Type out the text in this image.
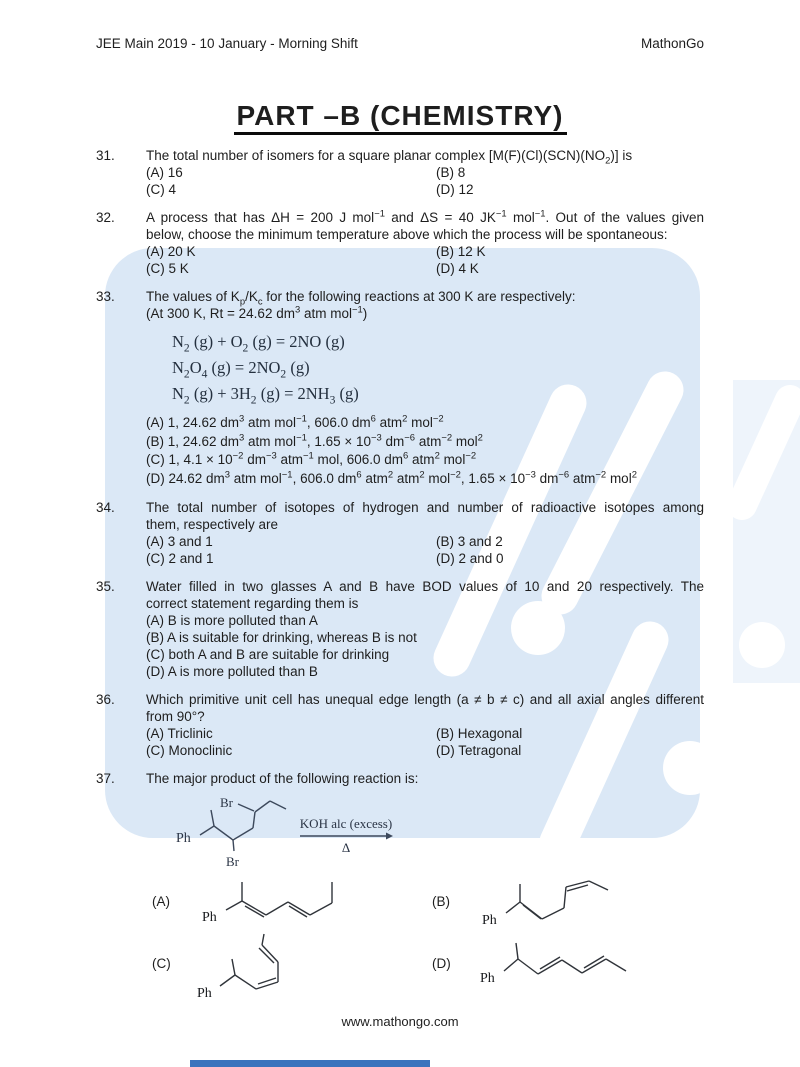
JEE Main 2019 - 10 January - Morning Shift	MathonGo
PART –B (CHEMISTRY)
31.	The total number of isomers for a square planar complex $[M(F)(Cl)(SCN)(NO_2)]$ is
(A) 16	(B) 8
(C) 4	(D) 12
32.	A process that has ΔH = 200 J mol$^{-1}$ and ΔS = 40 $JK^{-1}$ mol$^{-1}$. Out of the values given
below, choose the minimum temperature above which the process will be spontaneous:
(A) 20 K	(B) 12 K
(C) 5 K	(D) 4 K
33.	The values of $K_p/K_c$ for the following reactions at 300 K are respectively:
(At 300 K, Rt = 24.62 $dm^3$ atm mol$^{-1}$)
$N_2$ $(g) + O_2$ (g) = 2NO (g)
$N_2O_4$ $(g) = 2NO_2$ (g)
$N_2$ $(g) + 3H_2$ $(g) = 2NH_3$ (g)
(A) 1, 24.62 $dm^3$ atm mol$^{-1}$, 606.0 $dm^6$ atm$^2$ mol$^{-2}$
(B) 1, 24.62 $dm^3$ atm mol$^{-1}$, $1.65 \times 10^{-3}$ $dm^{-6}$ atm$^{-2}$ mol$^2$
(C) 1, $4.1 \times 10^{-2}$ $dm^{-3}$ atm$^{-1}$ mol, 606.0 $dm^6$ atm$^2$ mol$^{-2}$
(D) 24.62 $dm^3$ atm mol$^{-1}$, 606.0 $dm^6$ atm$^2$ atm$^2$ mol$^{-2}$, $1.65 \times 10^{-3}$ $dm^{-6}$ atm$^{-2}$ mol$^2$
34.	The total number of isotopes of hydrogen and number of radioactive isotopes among
them, respectively are
(A) 3 and 1	(B) 3 and 2
(C) 2 and 1	(D) 2 and 0
35.	Water filled in two glasses A and B have BOD values of 10 and 20 respectively. The
correct statement regarding them is
(A) B is more polluted than A
(B) A is suitable for drinking, whereas B is not
(C) both A and B are suitable for drinking
(D) A is more polluted than B
36.	Which primitive unit cell has unequal edge length (a ≠ b ≠ c) and all axial angles different
from 90°?
(A) Triclinic	(B) Hexagonal
(C) Monoclinic	(D) Tetragonal
37.	The major product of the following reaction is:
Ph
Br
Br
KOH alc (excess)
Δ
(A)
Ph
(B)
Ph
(C)
Ph
(D)
Ph
www.mathongo.com
